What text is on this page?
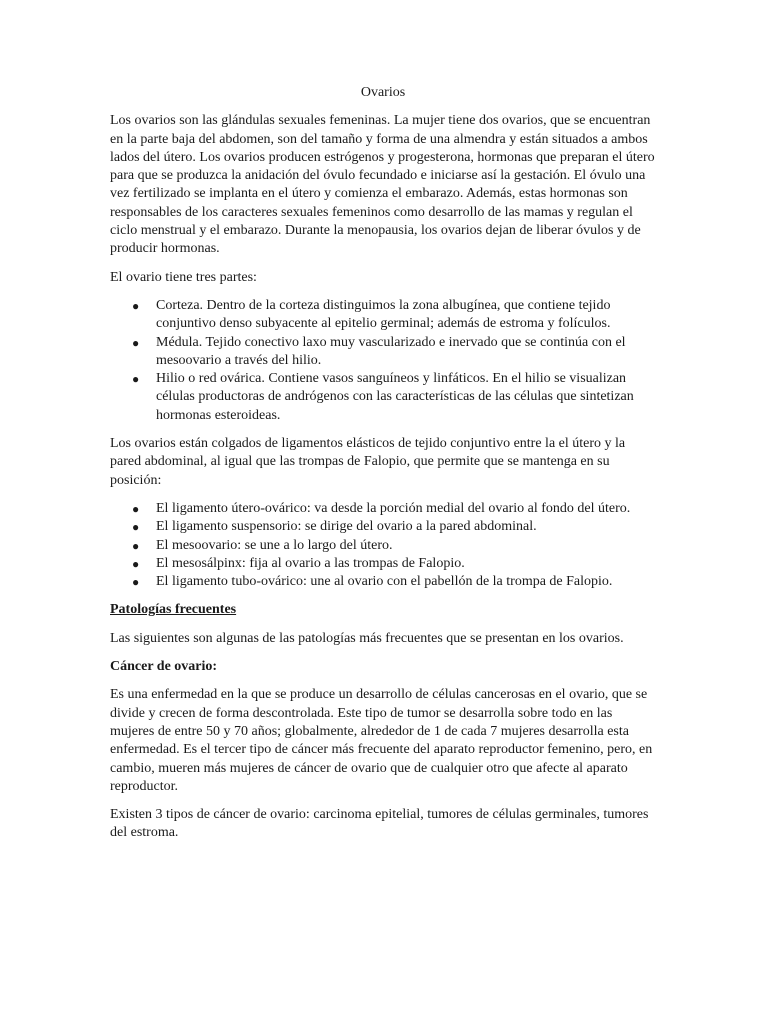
Ovarios

Los ovarios son las glándulas sexuales femeninas. La mujer tiene dos ovarios, que se encuentran en la parte baja del abdomen, son del tamaño y forma de una almendra y están situados a ambos lados del útero. Los ovarios producen estrógenos y progesterona, hormonas que preparan el útero para que se produzca la anidación del óvulo fecundado e iniciarse así la gestación. El óvulo una vez fertilizado se implanta en el útero y comienza el embarazo. Además, estas hormonas son responsables de los caracteres sexuales femeninos como desarrollo de las mamas y regulan el ciclo menstrual y el embarazo. Durante la menopausia, los ovarios dejan de liberar óvulos y de producir hormonas.

El ovario tiene tres partes:

● Corteza. Dentro de la corteza distinguimos la zona albugínea, que contiene tejido conjuntivo denso subyacente al epitelio germinal; además de estroma y folículos.
● Médula. Tejido conectivo laxo muy vascularizado e inervado que se continúa con el mesoovario a través del hilio.
● Hilio o red ovárica. Contiene vasos sanguíneos y linfáticos. En el hilio se visualizan células productoras de andrógenos con las características de las células que sintetizan hormonas esteroideas.

Los ovarios están colgados de ligamentos elásticos de tejido conjuntivo entre la el útero y la pared abdominal, al igual que las trompas de Falopio, que permite que se mantenga en su posición:

● El ligamento útero-ovárico: va desde la porción medial del ovario al fondo del útero.
● El ligamento suspensorio: se dirige del ovario a la pared abdominal.
● El mesoovario: se une a lo largo del útero.
● El mesosálpinx: fija al ovario a las trompas de Falopio.
● El ligamento tubo-ovárico: une al ovario con el pabellón de la trompa de Falopio.
Patologías frecuentes

Las siguientes son algunas de las patologías más frecuentes que se presentan en los ovarios.

Cáncer de ovario:

Es una enfermedad en la que se produce un desarrollo de células cancerosas en el ovario, que se divide y crecen de forma descontrolada. Este tipo de tumor se desarrolla sobre todo en las mujeres de entre 50 y 70 años; globalmente, alrededor de 1 de cada 7 mujeres desarrolla esta enfermedad. Es el tercer tipo de cáncer más frecuente del aparato reproductor femenino, pero, en cambio, mueren más mujeres de cáncer de ovario que de cualquier otro que afecte al aparato reproductor.

Existen 3 tipos de cáncer de ovario: carcinoma epitelial, tumores de células germinales, tumores del estroma.
